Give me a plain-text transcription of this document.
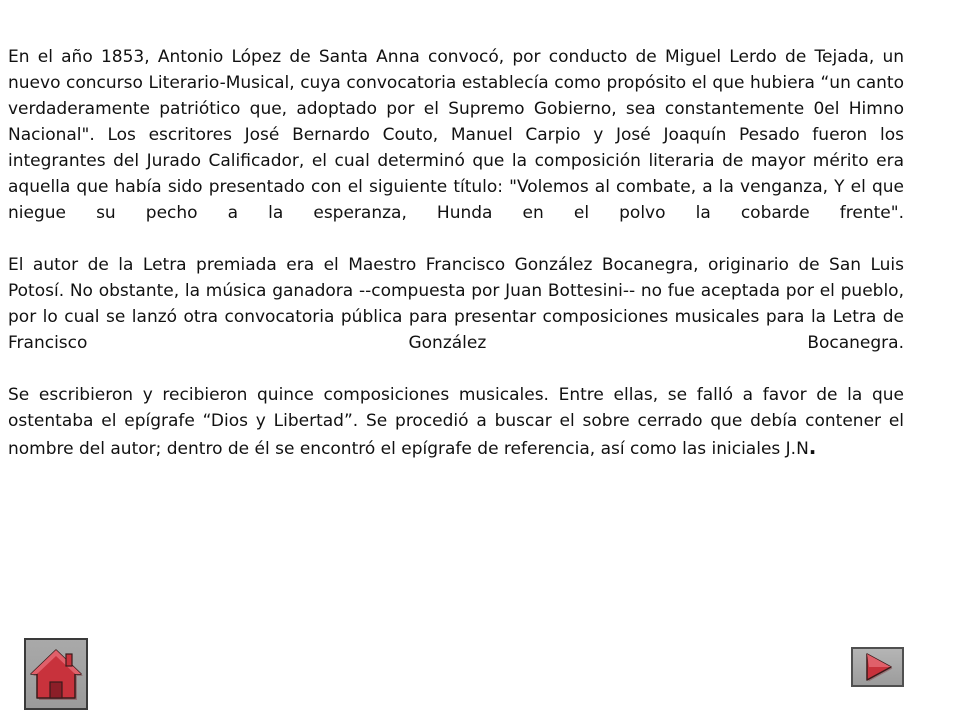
En el año 1853, Antonio López de Santa Anna convocó, por conducto de Miguel Lerdo de Tejada, un nuevo concurso Literario-Musical, cuya convocatoria establecía como propósito el que hubiera “un canto verdaderamente patriótico que, adoptado por el Supremo Gobierno, sea constantemente 0el Himno Nacional". Los escritores José Bernardo Couto, Manuel Carpio y José Joaquín Pesado fueron los integrantes del Jurado Calificador, el cual determinó que la composición literaria de mayor mérito era aquella que había sido presentado con el siguiente título: "Volemos al combate, a la venganza, Y el que niegue su pecho a la esperanza, Hunda en el polvo la cobarde frente".

El autor de la Letra premiada era el Maestro Francisco González Bocanegra, originario de San Luis Potosí. No obstante, la música ganadora --compuesta por Juan Bottesini-- no fue aceptada por el pueblo, por lo cual se lanzó otra convocatoria pública para presentar composiciones musicales para la Letra de Francisco González Bocanegra.

Se escribieron y recibieron quince composiciones musicales. Entre ellas, se falló a favor de la que ostentaba el epígrafe “Dios y Libertad”. Se procedió a buscar el sobre cerrado que debía contener el nombre del autor; dentro de él se encontró el epígrafe de referencia, así como las iniciales J.N.
